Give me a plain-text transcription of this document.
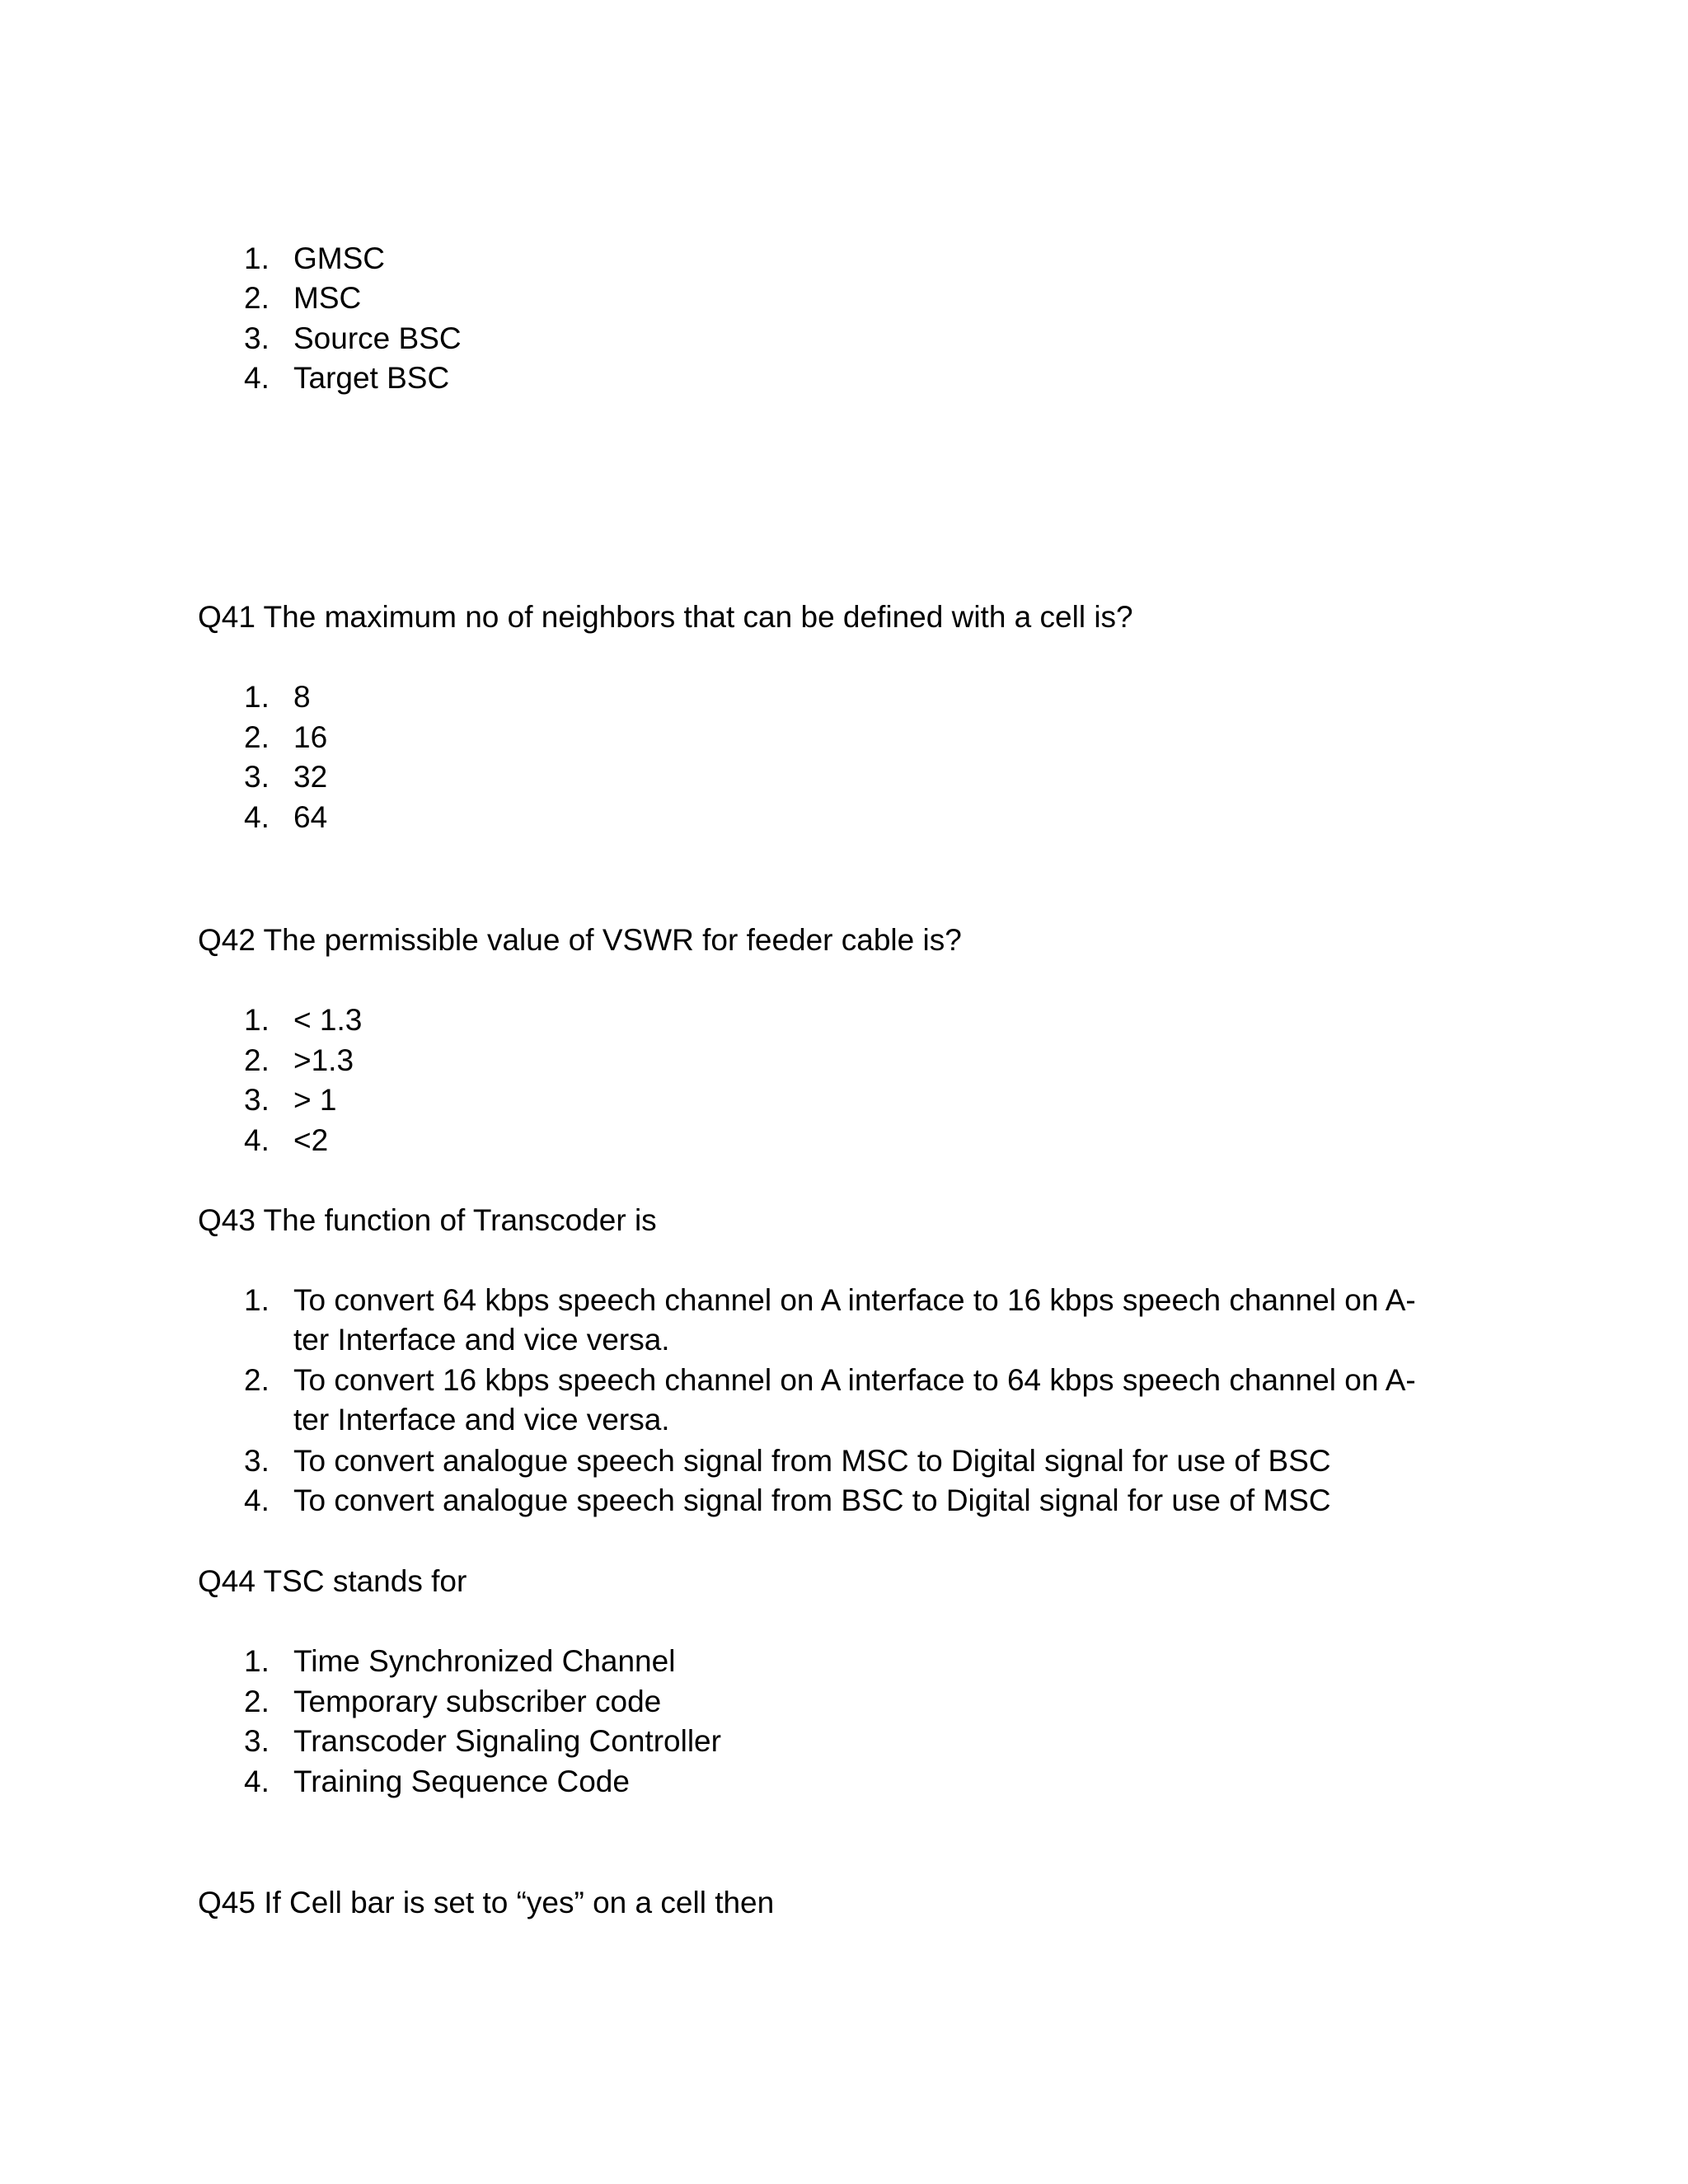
1. GMSC
2. MSC
3. Source BSC
4. Target BSC
Q41 The maximum no of neighbors that can be defined with a cell is?
1. 8
2. 16
3. 32
4. 64
Q42 The permissible value of VSWR for feeder cable is?
1. < 1.3
2. >1.3
3. > 1
4. <2
Q43 The function of Transcoder is
1. To convert 64 kbps speech channel on A interface to 16 kbps speech channel on A-ter Interface and vice versa.
2. To convert 16 kbps speech channel on A interface to 64 kbps speech channel on A-ter Interface and vice versa.
3. To convert analogue speech signal from MSC to Digital signal for use of BSC
4. To convert analogue speech signal from BSC to Digital signal for use of MSC
Q44 TSC stands for
1. Time Synchronized Channel
2. Temporary subscriber code
3. Transcoder Signaling Controller
4. Training Sequence Code
Q45 If Cell bar is set to “yes” on a cell then
